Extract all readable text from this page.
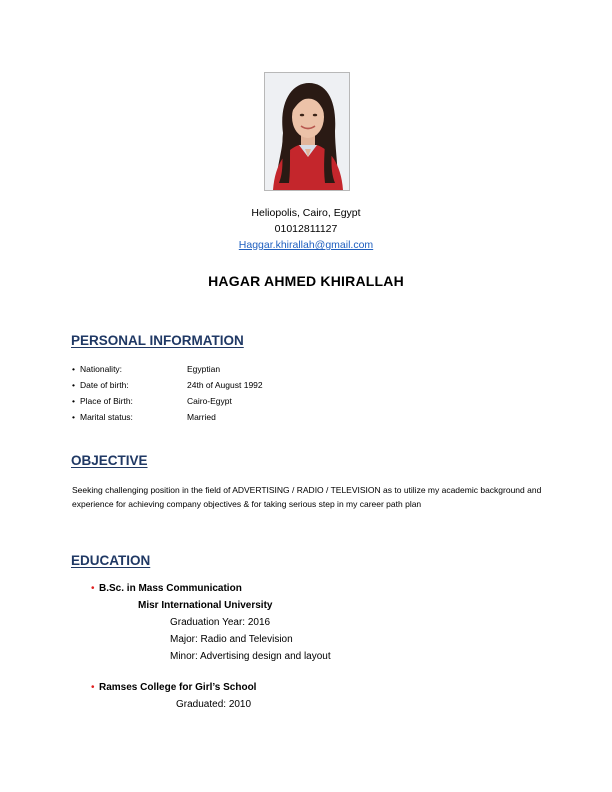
Heliopolis, Cairo, Egypt
01012811127
Haggar.khirallah@gmail.com
HAGAR AHMED KHIRALLAH
PERSONAL INFORMATION
• Nationality:	Egyptian
• Date of birth:	24th of August 1992
• Place of Birth:	Cairo-Egypt
• Marital status:	Married
OBJECTIVE
Seeking challenging position in the field of ADVERTISING / RADIO / TELEVISION as to utilize my academic background and experience for achieving company objectives & for taking serious step in my career path plan
EDUCATION
• B.Sc. in Mass Communication
Misr International University
Graduation Year: 2016
Major: Radio and Television
Minor: Advertising design and layout
• Ramses College for Girl’s School
Graduated: 2010
